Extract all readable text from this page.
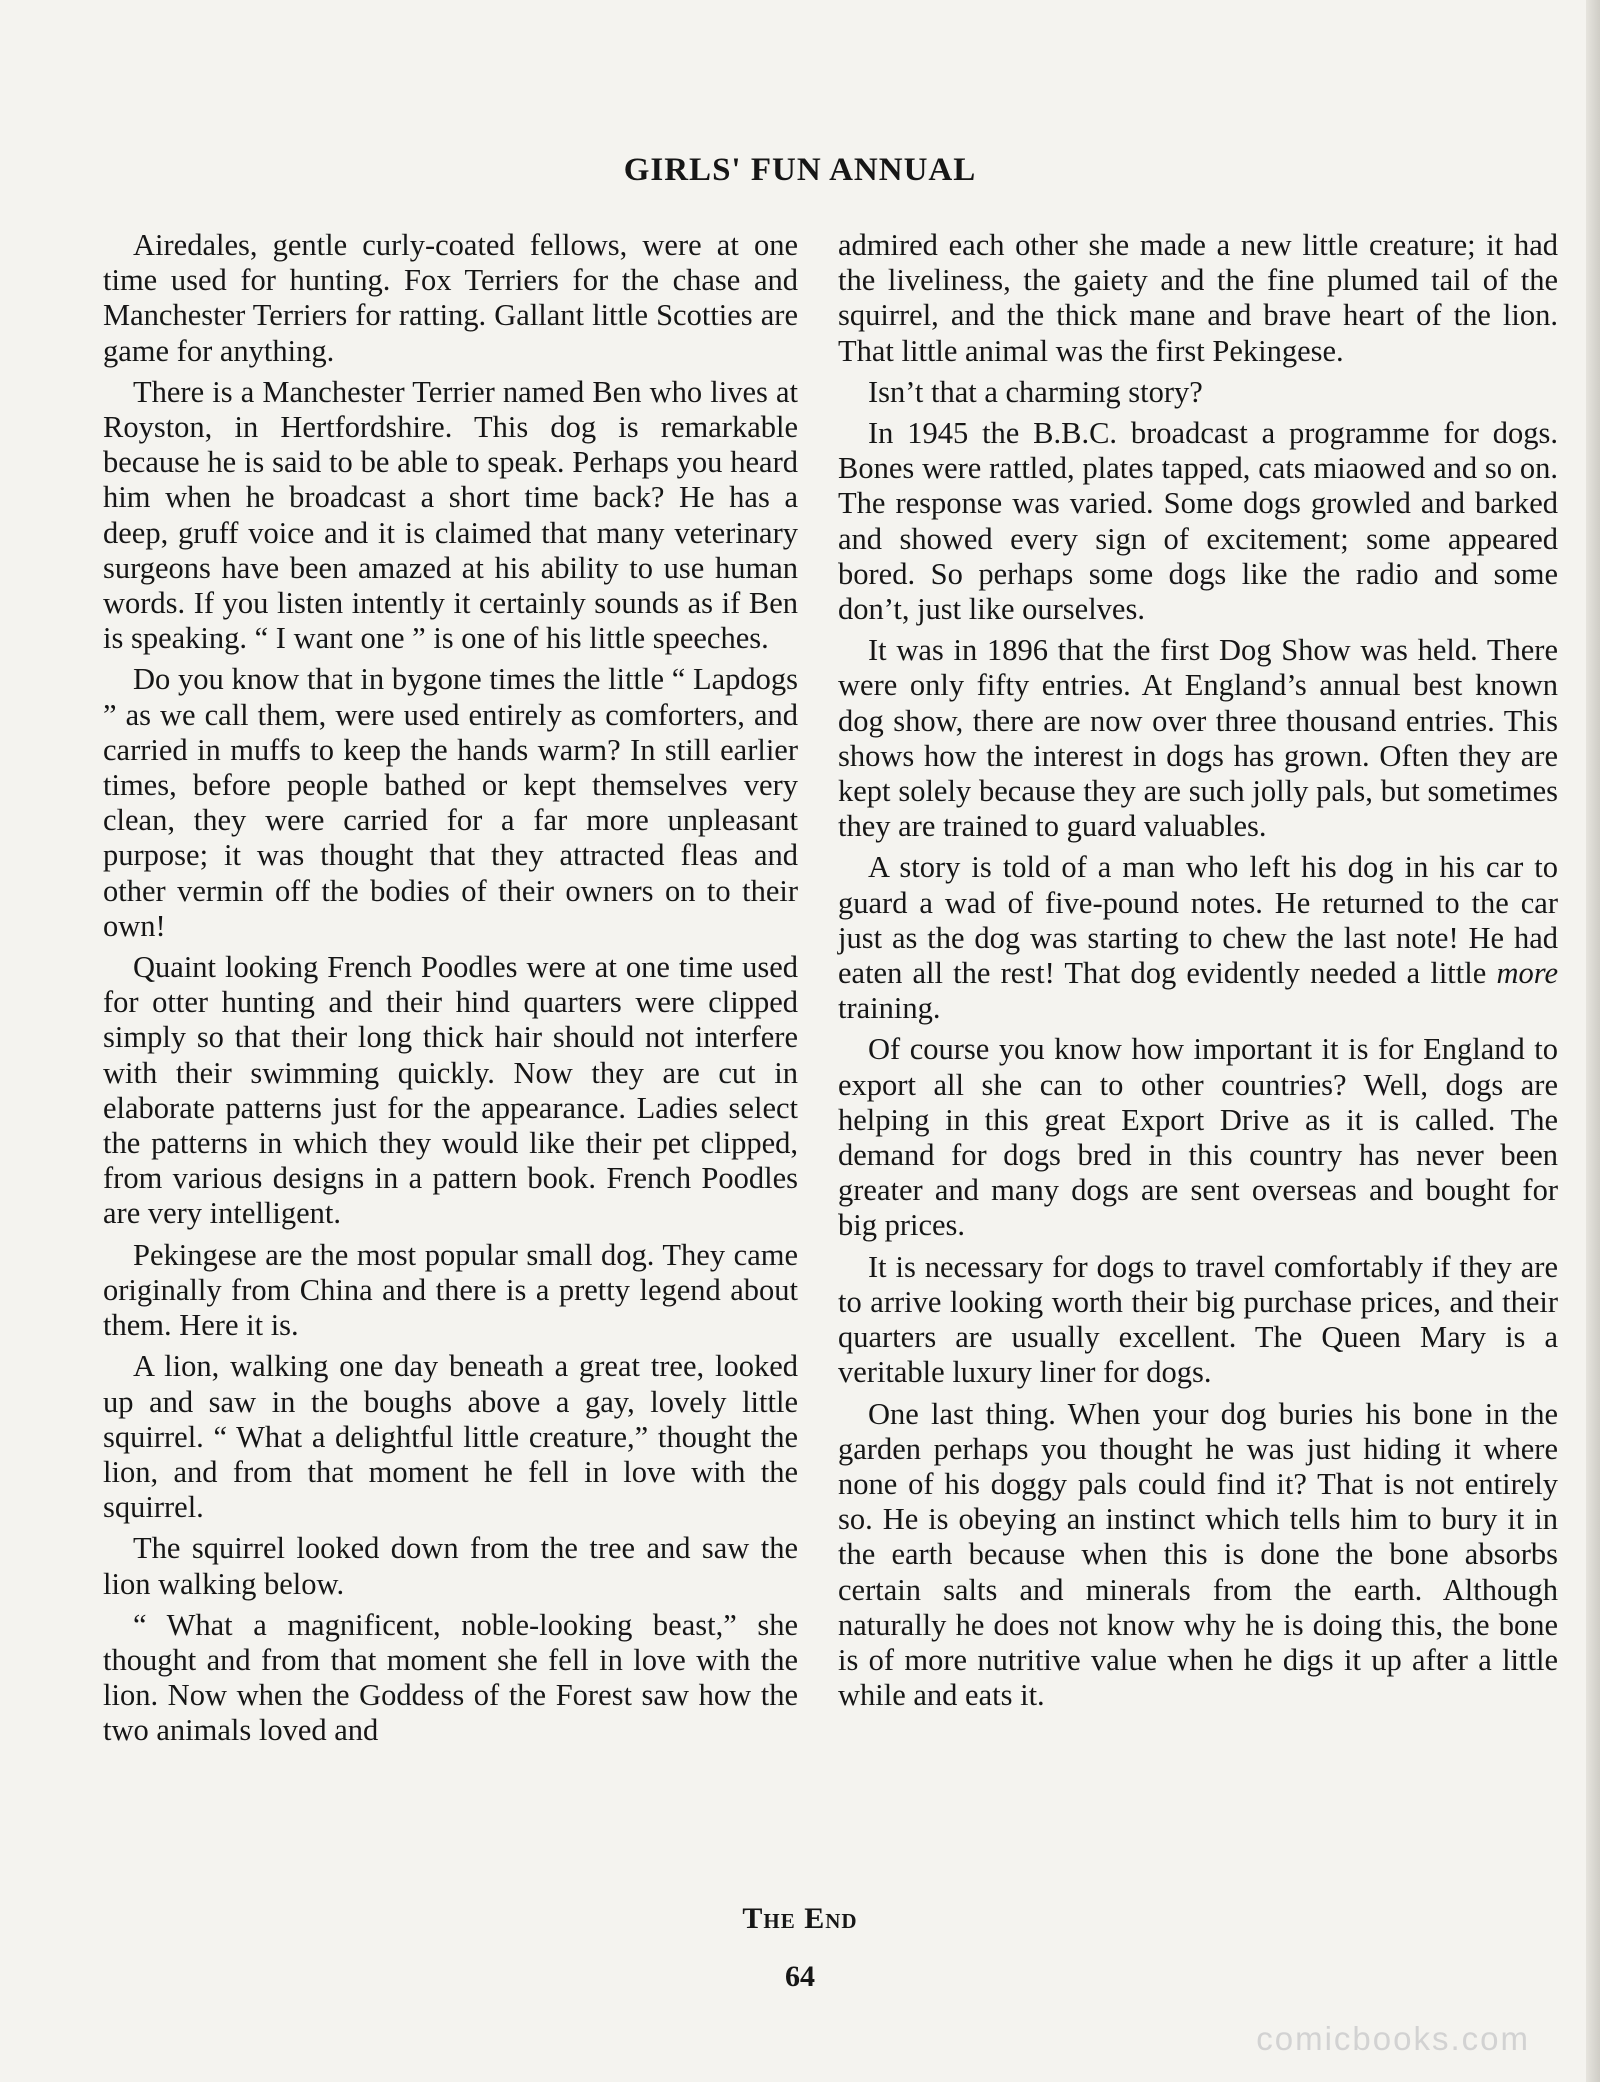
GIRLS' FUN ANNUAL

Airedales, gentle curly-coated fellows, were at one time used for hunting. Fox Terriers for the chase and Manchester Terriers for ratting. Gallant little Scotties are game for anything.

There is a Manchester Terrier named Ben who lives at Royston, in Hertfordshire. This dog is remarkable because he is said to be able to speak. Perhaps you heard him when he broadcast a short time back? He has a deep, gruff voice and it is claimed that many veterinary surgeons have been amazed at his ability to use human words. If you listen intently it certainly sounds as if Ben is speaking. “ I want one ” is one of his little speeches.

Do you know that in bygone times the little “ Lapdogs ” as we call them, were used entirely as comforters, and carried in muffs to keep the hands warm? In still earlier times, before people bathed or kept themselves very clean, they were carried for a far more unpleasant purpose; it was thought that they attracted fleas and other vermin off the bodies of their owners on to their own!

Quaint looking French Poodles were at one time used for otter hunting and their hind quarters were clipped simply so that their long thick hair should not interfere with their swimming quickly. Now they are cut in elaborate patterns just for the appearance. Ladies select the patterns in which they would like their pet clipped, from various designs in a pattern book. French Poodles are very intelligent.

Pekingese are the most popular small dog. They came originally from China and there is a pretty legend about them. Here it is.

A lion, walking one day beneath a great tree, looked up and saw in the boughs above a gay, lovely little squirrel. “ What a delightful little creature,” thought the lion, and from that moment he fell in love with the squirrel.

The squirrel looked down from the tree and saw the lion walking below.

“ What a magnificent, noble-looking beast,” she thought and from that moment she fell in love with the lion. Now when the Goddess of the Forest saw how the two animals loved and

admired each other she made a new little creature; it had the liveliness, the gaiety and the fine plumed tail of the squirrel, and the thick mane and brave heart of the lion. That little animal was the first Pekingese.

Isn’t that a charming story?

In 1945 the B.B.C. broadcast a programme for dogs. Bones were rattled, plates tapped, cats miaowed and so on. The response was varied. Some dogs growled and barked and showed every sign of excitement; some appeared bored. So perhaps some dogs like the radio and some don’t, just like ourselves.

It was in 1896 that the first Dog Show was held. There were only fifty entries. At England’s annual best known dog show, there are now over three thousand entries. This shows how the interest in dogs has grown. Often they are kept solely because they are such jolly pals, but sometimes they are trained to guard valuables.

A story is told of a man who left his dog in his car to guard a wad of five-pound notes. He returned to the car just as the dog was starting to chew the last note! He had eaten all the rest! That dog evidently needed a little more training.

Of course you know how important it is for England to export all she can to other countries? Well, dogs are helping in this great Export Drive as it is called. The demand for dogs bred in this country has never been greater and many dogs are sent overseas and bought for big prices.

It is necessary for dogs to travel comfortably if they are to arrive looking worth their big purchase prices, and their quarters are usually excellent. The Queen Mary is a veritable luxury liner for dogs.

One last thing. When your dog buries his bone in the garden perhaps you thought he was just hiding it where none of his doggy pals could find it? That is not entirely so. He is obeying an instinct which tells him to bury it in the earth because when this is done the bone absorbs certain salts and minerals from the earth. Although naturally he does not know why he is doing this, the bone is of more nutritive value when he digs it up after a little while and eats it.

The End
64
comicbooks.com
